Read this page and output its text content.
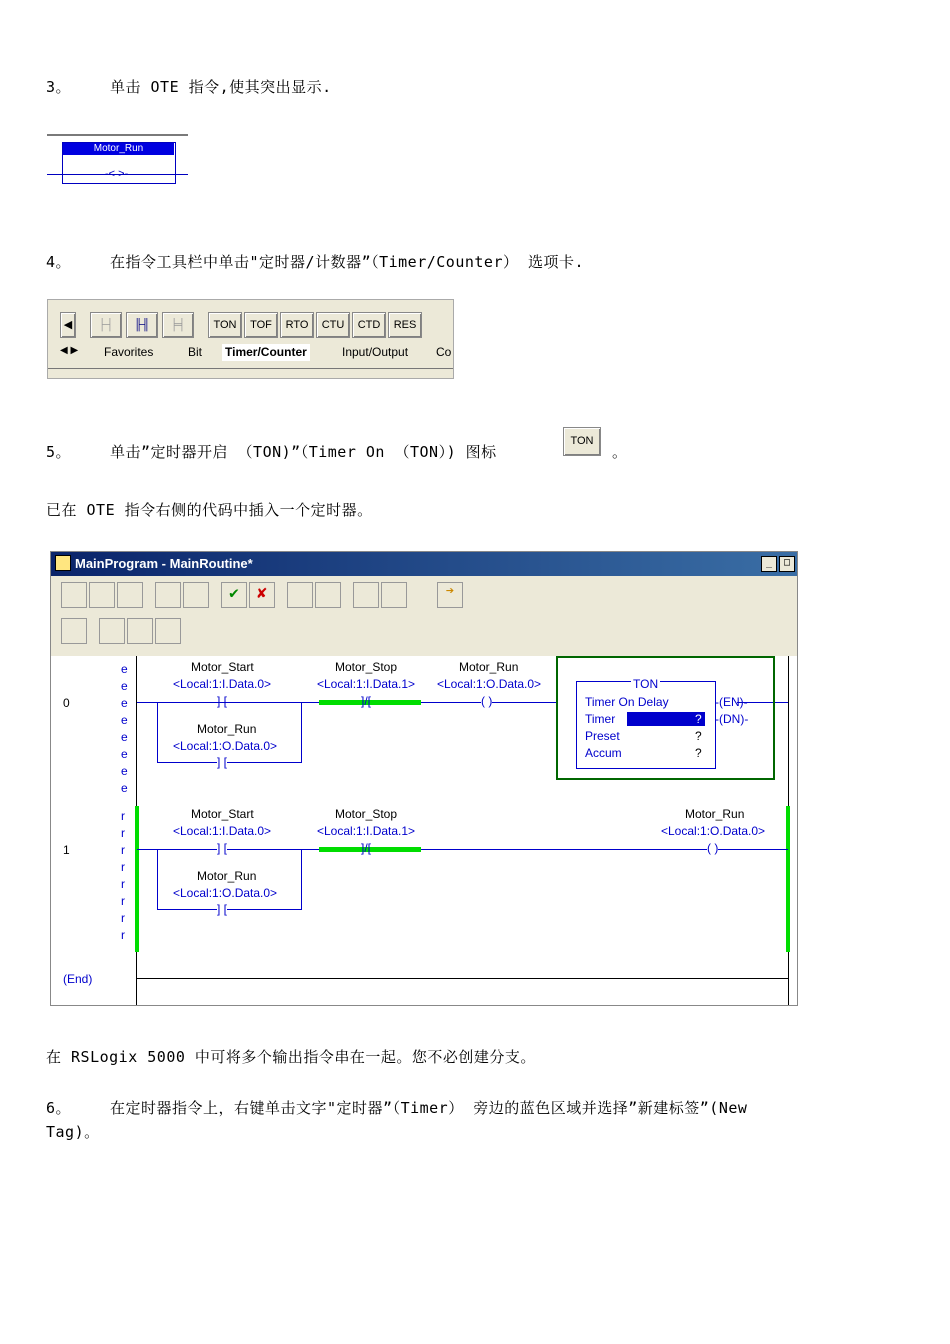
3。	单击 OTE 指令,使其突出显示.
Motor_Run
-< >-
4。	在指令工具栏中单击"定时器/计数器”（Timer/Counter） 选项卡.
◀	├┤	╟╢	╞╡	TON	TOF	RTO	CTU	CTD	RES
◀ ▶ Favorites	Bit Timer/Counter	Input/Output Co
5。	单击”定时器开启 （TON)”（Timer On （TON）) 图标
TON
。
已在 OTE 指令右侧的代码中插入一个定时器。
MainProgram - MainRoutine*	_	□
✔	✘	➔
0
e
e
e
e
e
e
e
e
Motor_Start
<Local:1:I.Data.0>
] [
Motor_Stop
<Local:1:I.Data.1>
]/[
Motor_Run
<Local:1:O.Data.0>
( )
Motor_Run
<Local:1:O.Data.0>
] [
TON
Timer On Delay
Timer	?
Preset	?
Accum	?
-(EN)-
-(DN)-
1
r
r
r
r
r
r
r
r
Motor_Start
<Local:1:I.Data.0>
] [
Motor_Stop
<Local:1:I.Data.1>
]/[
Motor_Run
<Local:1:O.Data.0>
( )
Motor_Run
<Local:1:O.Data.0>
] [
(End)
在 RSLogix 5000 中可将多个输出指令串在一起。您不必创建分支。
6。	在定时器指令上，右键单击文字"定时器”（Timer） 旁边的蓝色区域并选择”新建标签”(New
Tag)。
